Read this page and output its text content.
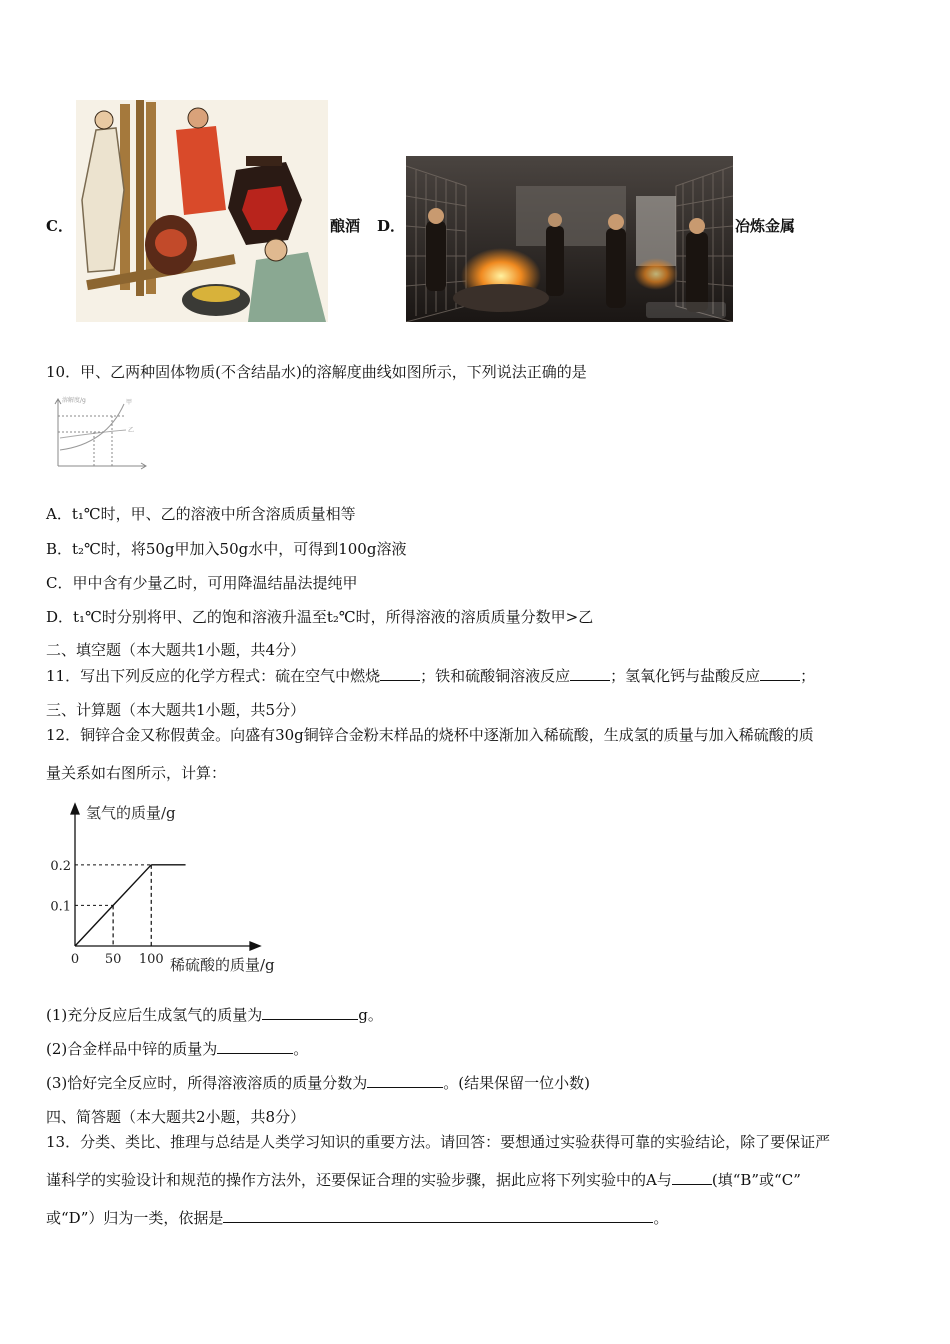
C．	酿酒 D．	冶炼金属
10．甲、乙两种固体物质(不含结晶水)的溶解度曲线如图所示，下列说法正确的是
溶解度/g	甲
乙
A．t₁℃时，甲、乙的溶液中所含溶质质量相等
B．t₂℃时，将50g甲加入50g水中，可得到100g溶液
C．甲中含有少量乙时，可用降温结晶法提纯甲
D．t₁℃时分别将甲、乙的饱和溶液升温至t₂℃时，所得溶液的溶质质量分数甲>乙
二、填空题（本大题共1小题，共4分）
11．写出下列反应的化学方程式：硫在空气中燃烧	；铁和硫酸铜溶液反应	；氢氧化钙与盐酸反应	；
三、计算题（本大题共1小题，共5分）
12．铜锌合金又称假黄金。向盛有30g铜锌合金粉末样品的烧杯中逐渐加入稀硫酸，生成氢的质量与加入稀硫酸的质
量关系如右图所示，计算：
0 50 100
0.1
0.2
氢气的质量/g
稀硫酸的质量/g
(1)充分反应后生成氢气的质量为	g。
(2)合金样品中锌的质量为	。
(3)恰好完全反应时，所得溶液溶质的质量分数为	。(结果保留一位小数)
四、简答题（本大题共2小题，共8分）
13．分类、类比、推理与总结是人类学习知识的重要方法。请回答：要想通过实验获得可靠的实验结论，除了要保证严
谨科学的实验设计和规范的操作方法外，还要保证合理的实验步骤，据此应将下列实验中的A与	(填“B”或“C”
或“D”）归为一类，依据是	。
